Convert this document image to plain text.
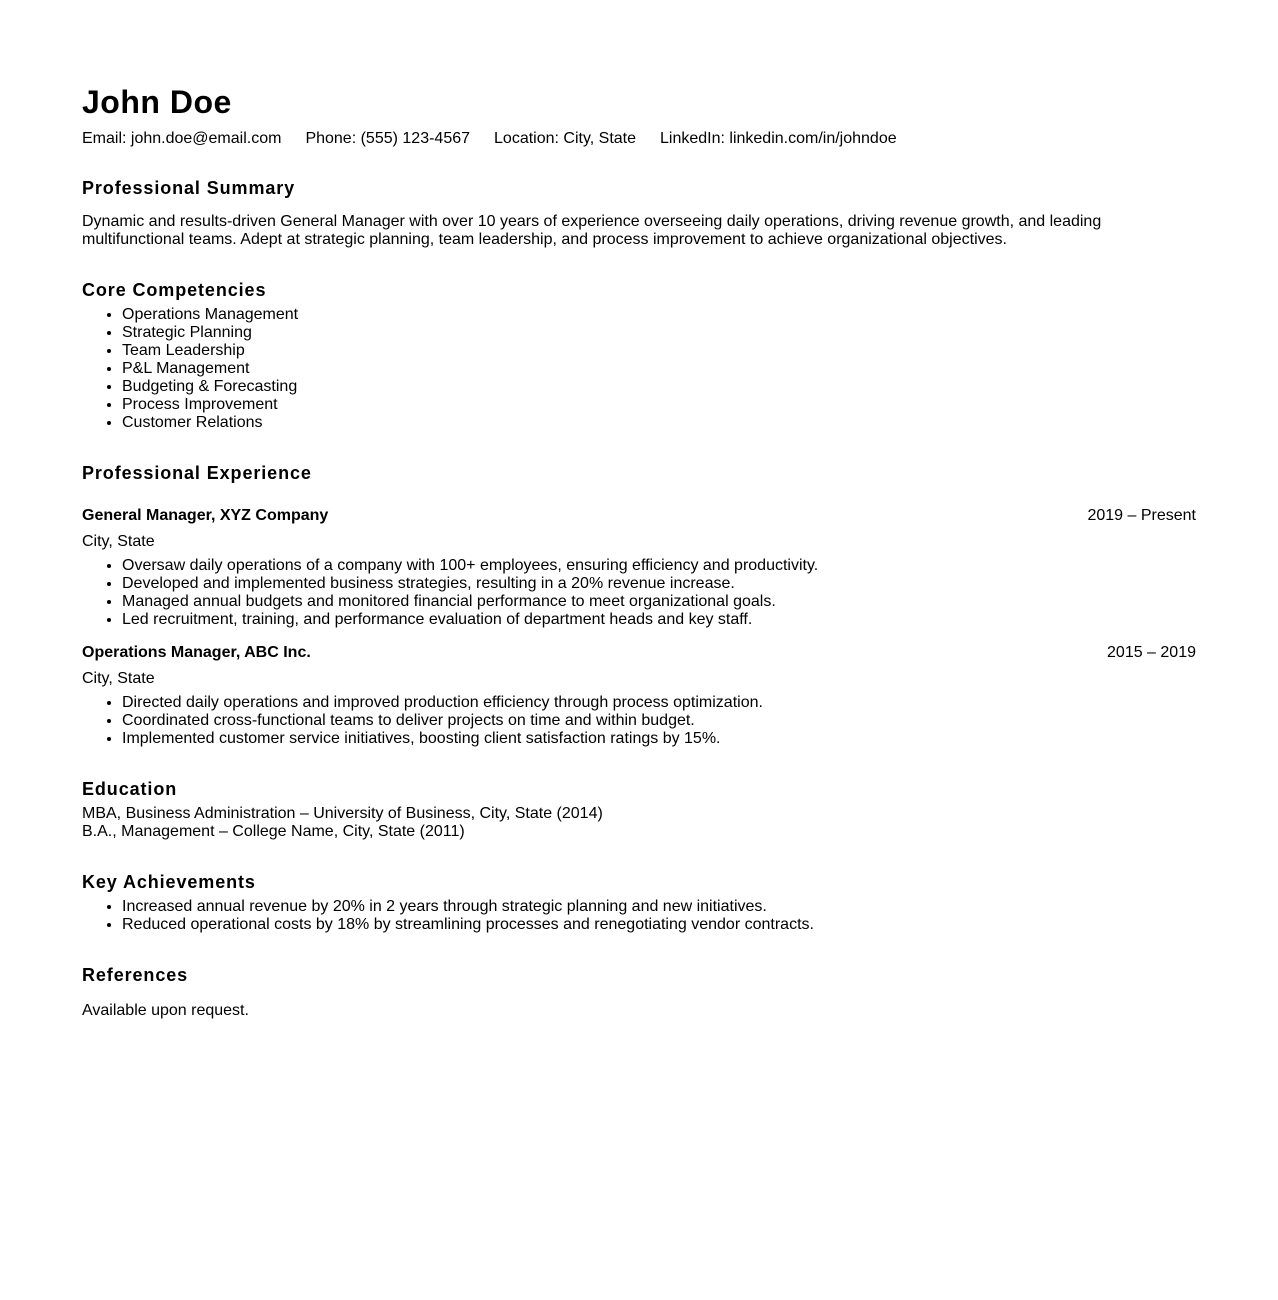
John Doe
Email: john.doe@email.com Phone: (555) 123-4567 Location: City, State LinkedIn: linkedin.com/in/johndoe
Professional Summary
Dynamic and results-driven General Manager with over 10 years of experience overseeing daily operations, driving revenue growth, and leading multifunctional teams. Adept at strategic planning, team leadership, and process improvement to achieve organizational objectives.
Core Competencies
• Operations Management
• Strategic Planning
• Team Leadership
• P&L Management
• Budgeting & Forecasting
• Process Improvement
• Customer Relations
Professional Experience
General Manager, XYZ Company	2019 – Present
City, State
• Oversaw daily operations of a company with 100+ employees, ensuring efficiency and productivity.
• Developed and implemented business strategies, resulting in a 20% revenue increase.
• Managed annual budgets and monitored financial performance to meet organizational goals.
• Led recruitment, training, and performance evaluation of department heads and key staff.
Operations Manager, ABC Inc.	2015 – 2019
City, State
• Directed daily operations and improved production efficiency through process optimization.
• Coordinated cross-functional teams to deliver projects on time and within budget.
• Implemented customer service initiatives, boosting client satisfaction ratings by 15%.
Education
MBA, Business Administration – University of Business, City, State (2014)
B.A., Management – College Name, City, State (2011)
Key Achievements
• Increased annual revenue by 20% in 2 years through strategic planning and new initiatives.
• Reduced operational costs by 18% by streamlining processes and renegotiating vendor contracts.
References
Available upon request.
